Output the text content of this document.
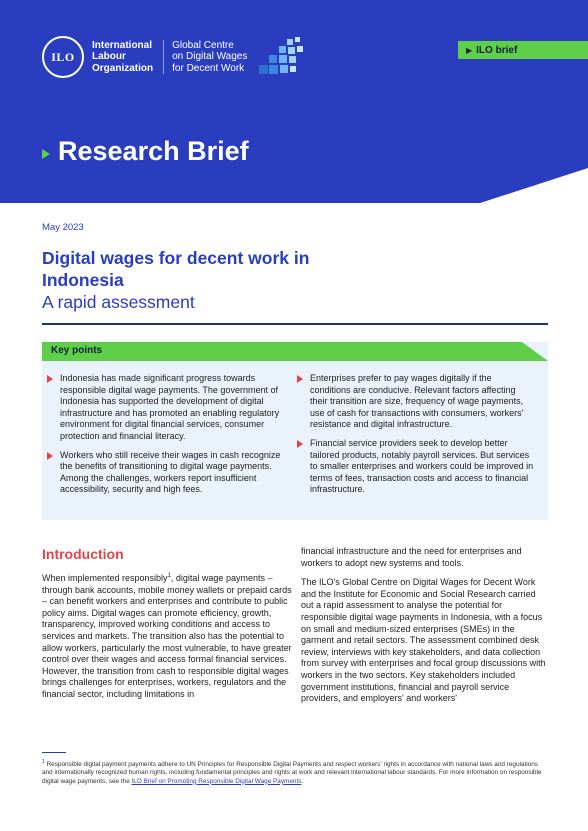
ILO
International
Labour
Organization
Global Centre
on Digital Wages
for Decent Work
▶ ILO brief
Research Brief
May 2023
Digital wages for decent work in Indonesia
A rapid assessment
Key points
Indonesia has made significant progress towards responsible digital wage payments. The government of Indonesia has supported the development of digital infrastructure and has promoted an enabling regulatory environment for digital financial services, consumer protection and financial literacy.
Workers who still receive their wages in cash recognize the benefits of transitioning to digital wage payments. Among the challenges, workers report insufficient accessibility, security and high fees.
Enterprises prefer to pay wages digitally if the conditions are conducive. Relevant factors affecting their transition are size, frequency of wage payments, use of cash for transactions with consumers, workers' resistance and digital infrastructure.
Financial service providers seek to develop better tailored products, notably payroll services. But services to smaller enterprises and workers could be improved in terms of fees, transaction costs and access to financial infrastructure.
Introduction

When implemented responsibly$^1$, digital wage payments – through bank accounts, mobile money wallets or prepaid cards – can benefit workers and enterprises and contribute to public policy aims. Digital wages can promote efficiency, growth, transparency, improved working conditions and access to services and markets. The transition also has the potential to allow workers, particularly the most vulnerable, to have greater control over their wages and access formal financial services. However, the transition from cash to responsible digital wages brings challenges for enterprises, workers, regulators and the financial sector, including limitations in

financial infrastructure and the need for enterprises and workers to adopt new systems and tools.

The ILO's Global Centre on Digital Wages for Decent Work and the Institute for Economic and Social Research carried out a rapid assessment to analyse the potential for responsible digital wage payments in Indonesia, with a focus on small and medium-sized enterprises (SMEs) in the garment and retail sectors. The assessment combined desk review, interviews with key stakeholders, and data collection from survey with enterprises and focal group discussions with workers in the two sectors. Key stakeholders included government institutions, financial and payroll service providers, and employers' and workers'

$^1$ Responsible digital payment payments adhere to UN Principles for Responsible Digital Payments and respect workers' rights in accordance with national laws and regulations and internationally recognized human rights, including fundamental principles and rights at work and relevant international labour standards. For more information on responsible digital wage payments, see the ILO Brief on Promoting Responsible Digital Wage Payments.
